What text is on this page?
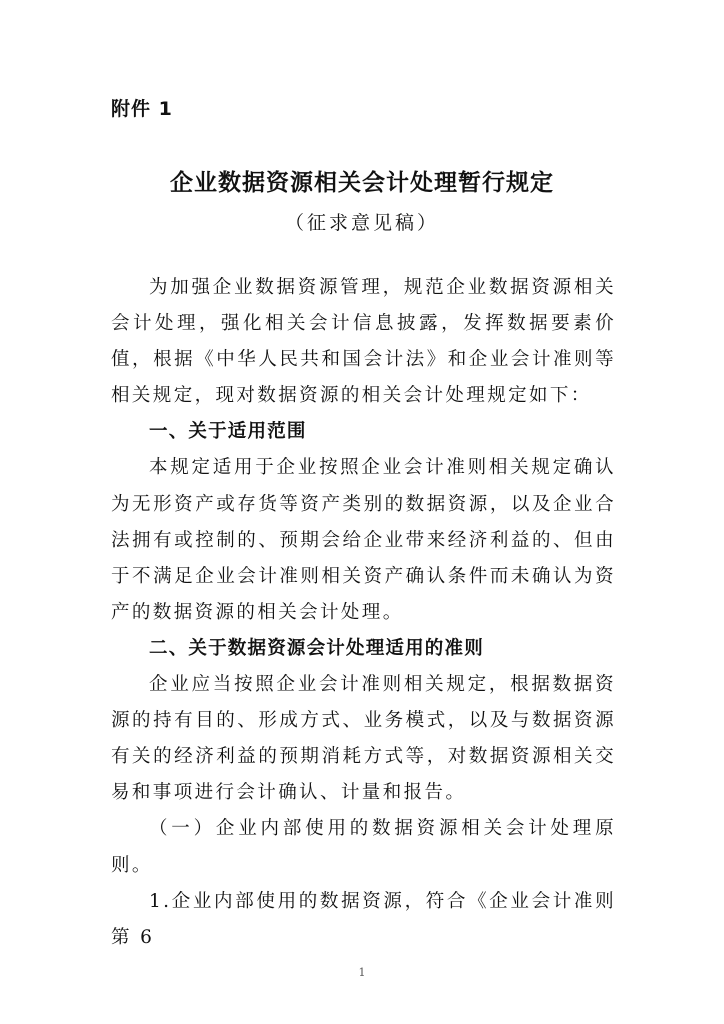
附件 1
企业数据资源相关会计处理暂行规定
（征求意见稿）

为加强企业数据资源管理，规范企业数据资源相关会计处理，强化相关会计信息披露，发挥数据要素价值，根据《中华人民共和国会计法》和企业会计准则等相关规定，现对数据资源的相关会计处理规定如下：

一、关于适用范围

本规定适用于企业按照企业会计准则相关规定确认为无形资产或存货等资产类别的数据资源，以及企业合法拥有或控制的、预期会给企业带来经济利益的、但由于不满足企业会计准则相关资产确认条件而未确认为资产的数据资源的相关会计处理。

二、关于数据资源会计处理适用的准则

企业应当按照企业会计准则相关规定，根据数据资源的持有目的、形成方式、业务模式，以及与数据资源有关的经济利益的预期消耗方式等，对数据资源相关交易和事项进行会计确认、计量和报告。

（一）企业内部使用的数据资源相关会计处理原则。

1.企业内部使用的数据资源，符合《企业会计准则第 6

1
